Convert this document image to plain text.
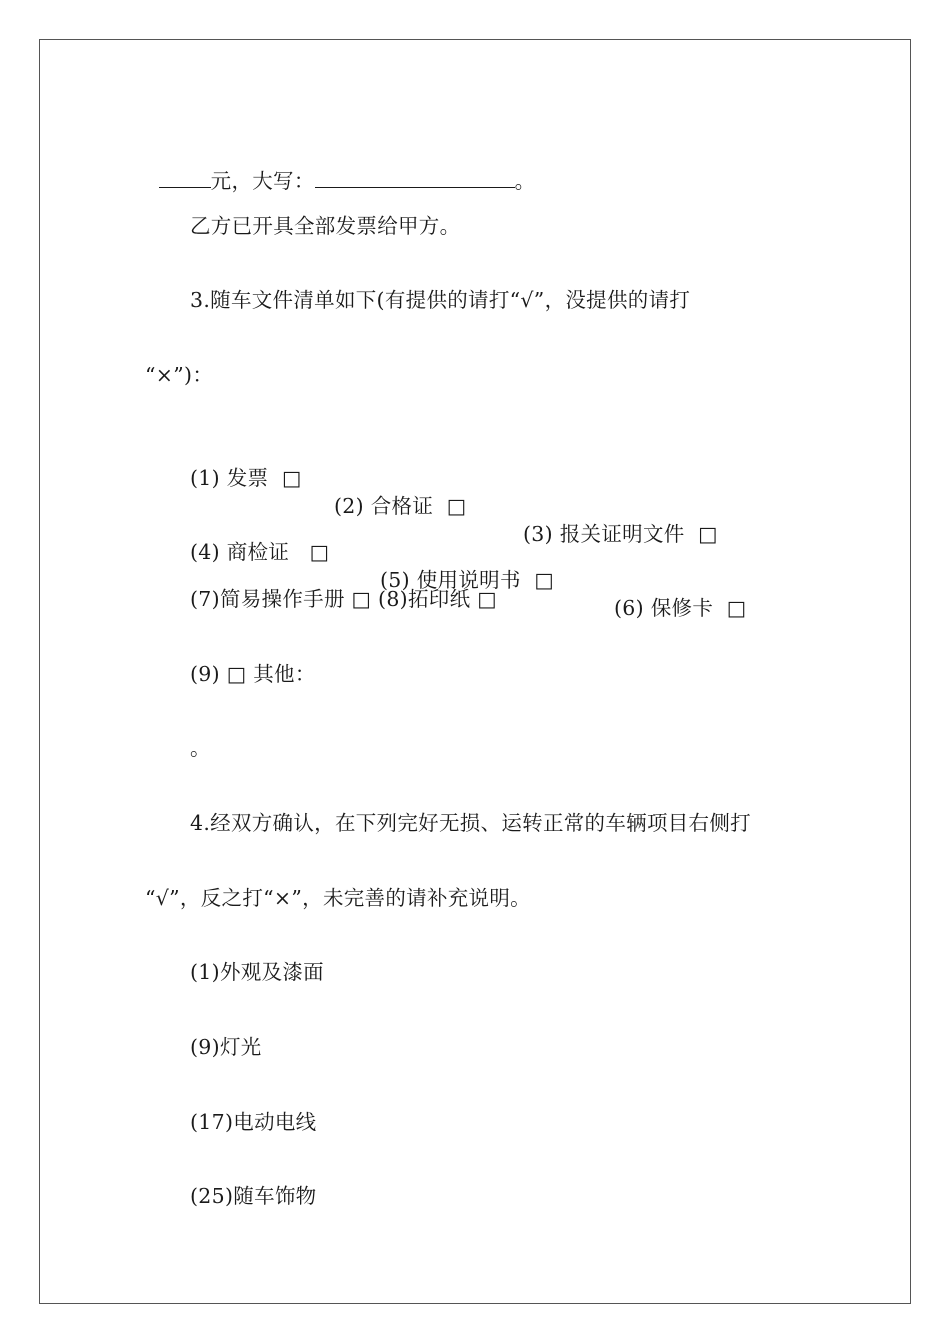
元，大写：	。

乙方已开具全部发票给甲方。
3.随车文件清单如下(有提供的请打“√”，没提供的请打
“×”)：

(1) 发票  □

(2) 合格证  □

(3) 报关证明文件  □

(4) 商检证   □

(5) 使用说明书  □

(6) 保修卡  □

(7)简易操作手册 □ (8)拓印纸 □
(9) □ 其他：
。
4.经双方确认，在下列完好无损、运转正常的车辆项目右侧打
“√”，反之打“×”，未完善的请补充说明。
(1)外观及漆面
(9)灯光
(17)电动电线
(25)随车饰物
